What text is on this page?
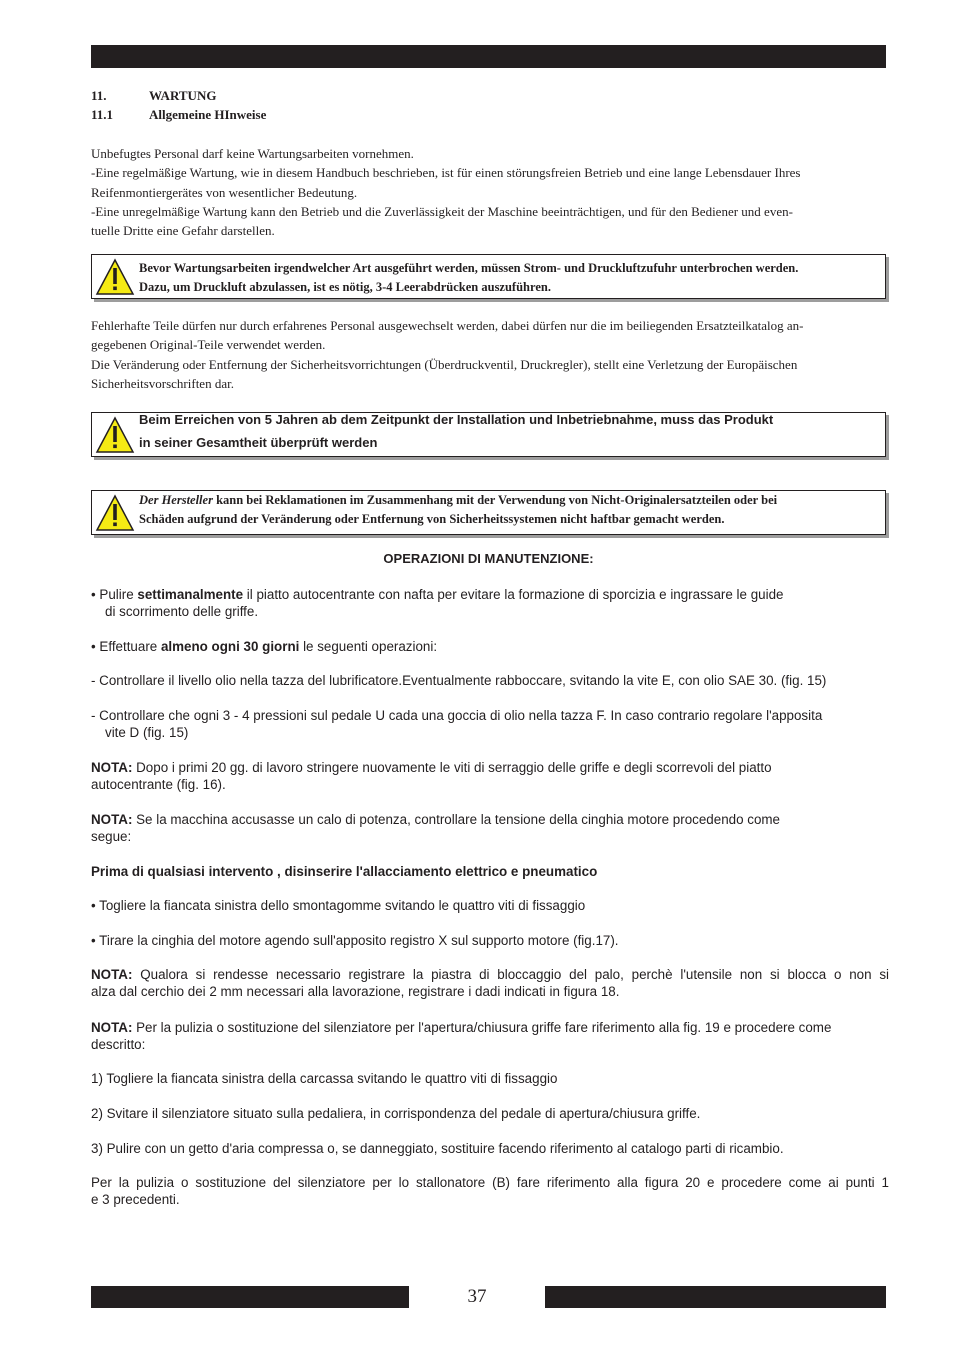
11.	WARTUNG
11.1	Allgemeine HInweise
Unbefugtes Personal darf keine Wartungsarbeiten vornehmen.
-Eine regelmäßige Wartung, wie in diesem Handbuch beschrieben, ist für einen störungsfreien Betrieb und eine lange Lebensdauer Ihres
Reifenmontiergerätes von wesentlicher Bedeutung.
-Eine unregelmäßige Wartung kann den Betrieb und die Zuverlässigkeit der Maschine beeinträchtigen, und für den Bediener und even-
tuelle Dritte eine Gefahr darstellen.
Bevor Wartungsarbeiten irgendwelcher Art ausgeführt werden, müssen Strom- und Druckluftzufuhr unterbrochen werden.
Dazu, um Druckluft abzulassen, ist es nötig, 3-4 Leerabdrücken auszuführen.
Fehlerhafte Teile dürfen nur durch erfahrenes Personal ausgewechselt werden, dabei dürfen nur die im beiliegenden Ersatzteilkatalog an-
gegebenen Original-Teile verwendet werden.
Die Veränderung oder Entfernung der Sicherheitsvorrichtungen (Überdruckventil, Druckregler), stellt eine Verletzung der Europäischen
Sicherheitsvorschriften dar.
Beim Erreichen von 5 Jahren ab dem Zeitpunkt der Installation und Inbetriebnahme, muss das Produkt
in seiner Gesamtheit überprüft werden
Der Hersteller kann bei Reklamationen im Zusammenhang mit der Verwendung von Nicht-Originalersatzteilen oder bei
Schäden aufgrund der Veränderung oder Entfernung von Sicherheitssystemen nicht haftbar gemacht werden.
OPERAZIONI DI MANUTENZIONE:
• Pulire settimanalmente il piatto autocentrante con nafta per evitare la formazione di sporcizia e ingrassare le guide
di scorrimento delle griffe.
• Effettuare almeno ogni 30 giorni le seguenti operazioni:
- Controllare il livello olio nella tazza del lubrificatore.Eventualmente rabboccare, svitando la vite E, con olio SAE 30. (fig. 15)
- Controllare che ogni 3 - 4 pressioni sul pedale U cada una goccia di olio nella tazza F. In caso contrario regolare l'apposita
vite D (fig. 15)
NOTA: Dopo i primi 20 gg. di lavoro stringere nuovamente le viti di serraggio delle griffe e degli scorrevoli del piatto
autocentrante (fig. 16).
NOTA: Se la macchina accusasse un calo di potenza, controllare la tensione della cinghia motore procedendo come
segue:
Prima di qualsiasi intervento , disinserire l'allacciamento elettrico e pneumatico
• Togliere la fiancata sinistra dello smontagomme svitando le quattro viti di fissaggio
• Tirare la cinghia del motore agendo sull'apposito registro X sul supporto motore (fig.17).
NOTA: Qualora si rendesse necessario registrare la piastra di bloccaggio del palo, perchè l'utensile non si blocca o non si
alza dal cerchio dei 2 mm necessari alla lavorazione, registrare i dadi indicati in figura 18.
NOTA: Per la pulizia o sostituzione del silenziatore per l'apertura/chiusura griffe fare riferimento alla fig. 19 e procedere come
descritto:
1) Togliere la fiancata sinistra della carcassa svitando le quattro viti di fissaggio
2) Svitare il silenziatore situato sulla pedaliera, in corrispondenza del pedale di apertura/chiusura griffe.
3) Pulire con un getto d'aria compressa o, se danneggiato, sostituire facendo riferimento al catalogo parti di ricambio.
Per la pulizia o sostituzione del silenziatore per lo stallonatore (B) fare riferimento alla figura 20 e procedere come ai punti 1
e 3 precedenti.
37
